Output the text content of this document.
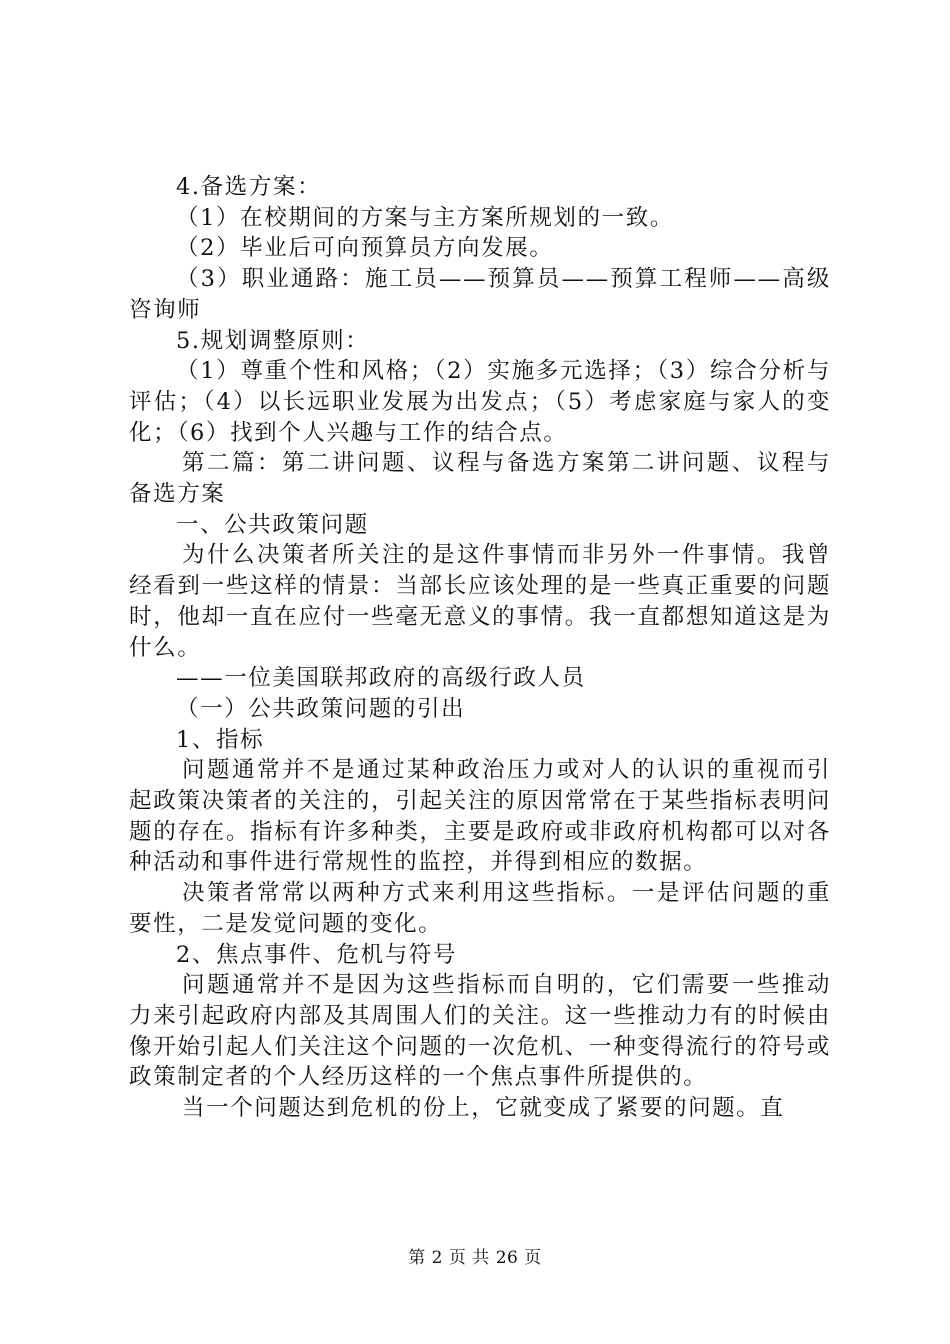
4.备选方案：

（1）在校期间的方案与主方案所规划的一致。

（2）毕业后可向预算员方向发展。

（3）职业通路：施工员——预算员——预算工程师——高级咨询师

5.规划调整原则：

（1）尊重个性和风格；（2）实施多元选择；（3）综合分析与评估；（4）以长远职业发展为出发点；（5）考虑家庭与家人的变化；（6）找到个人兴趣与工作的结合点。

第二篇：第二讲问题、议程与备选方案第二讲问题、议程与备选方案

一、公共政策问题

为什么决策者所关注的是这件事情而非另外一件事情。我曾经看到一些这样的情景：当部长应该处理的是一些真正重要的问题时，他却一直在应付一些毫无意义的事情。我一直都想知道这是为什么。

——一位美国联邦政府的高级行政人员

（一）公共政策问题的引出

1、指标

问题通常并不是通过某种政治压力或对人的认识的重视而引起政策决策者的关注的，引起关注的原因常常在于某些指标表明问题的存在。指标有许多种类，主要是政府或非政府机构都可以对各种活动和事件进行常规性的监控，并得到相应的数据。

决策者常常以两种方式来利用这些指标。一是评估问题的重要性，二是发觉问题的变化。

2、焦点事件、危机与符号

问题通常并不是因为这些指标而自明的，它们需要一些推动力来引起政府内部及其周围人们的关注。这一些推动力有的时候由像开始引起人们关注这个问题的一次危机、一种变得流行的符号或政策制定者的个人经历这样的一个焦点事件所提供的。

当一个问题达到危机的份上，它就变成了紧要的问题。直

第 2 页 共 26 页
